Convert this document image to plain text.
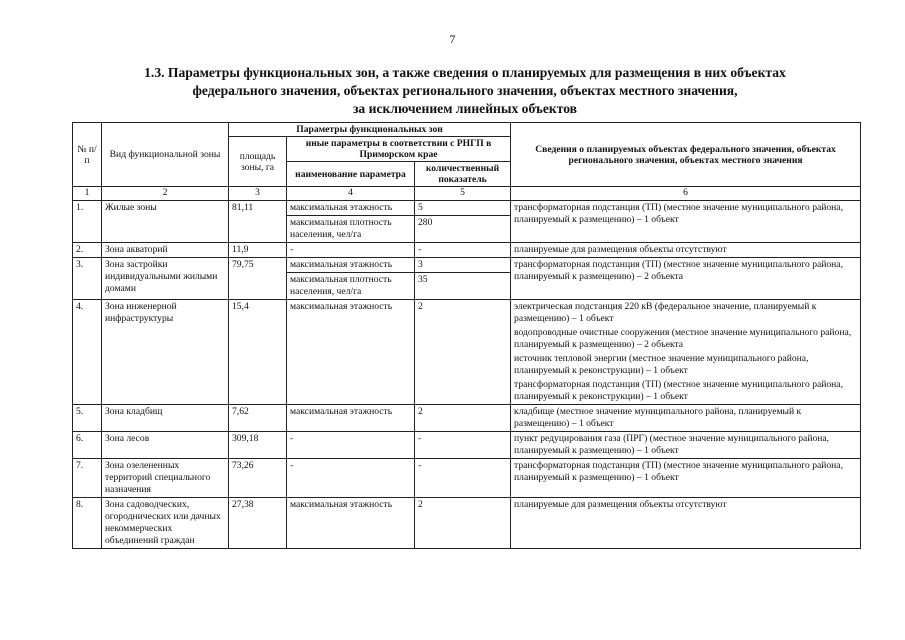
7
1.3. Параметры функциональных зон, а также сведения о планируемых для размещения в них объектах
федерального значения, объектах регионального значения, объектах местного значения,
за исключением линейных объектов
№ п/п	Вид функциональной зоны	Параметры функциональных зон			Сведения о планируемых объектах федерального значения, объектах регионального значения, объектах местного значения
		площадь зоны, га	иные параметры в соответствии с РНГП в Приморском крае		
			наименование параметра	количественный показатель	
1	2	3	4	5	6
1.	Жилые зоны	81,11	максимальная этажность	5	трансформаторная подстанция (ТП) (местное значение муниципального района, планируемый к размещению) – 1 объект

			максимальная плотность населения, чел/га	280	
2.	Зона акваторий	11,9	-	-	планируемые для размещения объекты отсутствуют

3.	Зона застройки индивидуальными жилыми домами	79,75	максимальная этажность	3	трансформаторная подстанция (ТП) (местное значение муниципального района, планируемый к размещению) – 2 объекта

			максимальная плотность населения, чел/га	35	
4.	Зона инженерной инфраструктуры	15,4	максимальная этажность	2	электрическая подстанция 220 кВ (федеральное значение, планируемый к размещению) – 1 объект
водопроводные очистные сооружения (местное значение муниципального района, планируемый к размещению) – 2 объекта
источник тепловой энергии (местное значение муниципального района, планируемый к реконструкции) – 1 объект
трансформаторная подстанция (ТП) (местное значение муниципального района, планируемый к реконструкции) – 1 объект

5.	Зона кладбищ	7,62	максимальная этажность	2	кладбище (местное значение муниципального района, планируемый к размещению) – 1 объект

6.	Зона лесов	309,18	-	-	пункт редуцирования газа (ПРГ) (местное значение муниципального района, планируемый к размещению) – 1 объект

7.	Зона озелененных территорий специального назначения	73,26	-	-	трансформаторная подстанция (ТП) (местное значение муниципального района, планируемый к размещению) – 1 объект

8.	Зона садоводческих, огороднических или дачных некоммерческих объединений граждан	27,38	максимальная этажность	2	планируемые для размещения объекты отсутствуют
